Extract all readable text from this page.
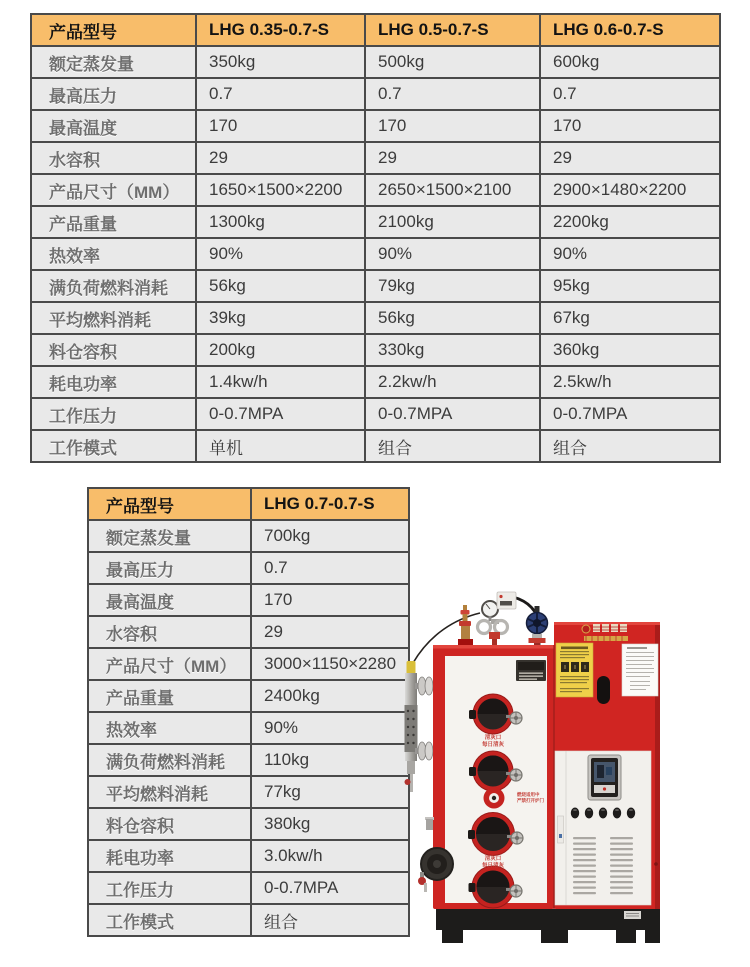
产品型号	LHG 0.35-0.7-S	LHG 0.5-0.7-S	LHG 0.6-0.7-S
额定蒸发量	350kg	500kg	600kg
最高压力	0.7	0.7	0.7
最高温度	170	170	170
水容积	29	29	29
产品尺寸（MM）	1650×1500×2200	2650×1500×2100	2900×1480×2200
产品重量	1300kg	2100kg	2200kg
热效率	90%	90%	90%
满负荷燃料消耗	56kg	79kg	95kg
平均燃料消耗	39kg	56kg	67kg
料仓容积	200kg	330kg	360kg
耗电功率	1.4kw/h	2.2kw/h	2.5kw/h
工作压力	0-0.7MPA	0-0.7MPA	0-0.7MPA
工作模式	单机	组合	组合
产品型号	LHG 0.7-0.7-S
额定蒸发量	700kg
最高压力	0.7
最高温度	170
水容积	29
产品尺寸（MM）	3000×1150×2280
产品重量	2400kg
热效率	90%
满负荷燃料消耗	110kg
平均燃料消耗	77kg
料仓容积	380kg
耗电功率	3.0kw/h
工作压力	0-0.7MPA
工作模式	组合
清灰口
每日清灰
清灰口
每日清灰
燃烧适用中
严禁打开炉门
